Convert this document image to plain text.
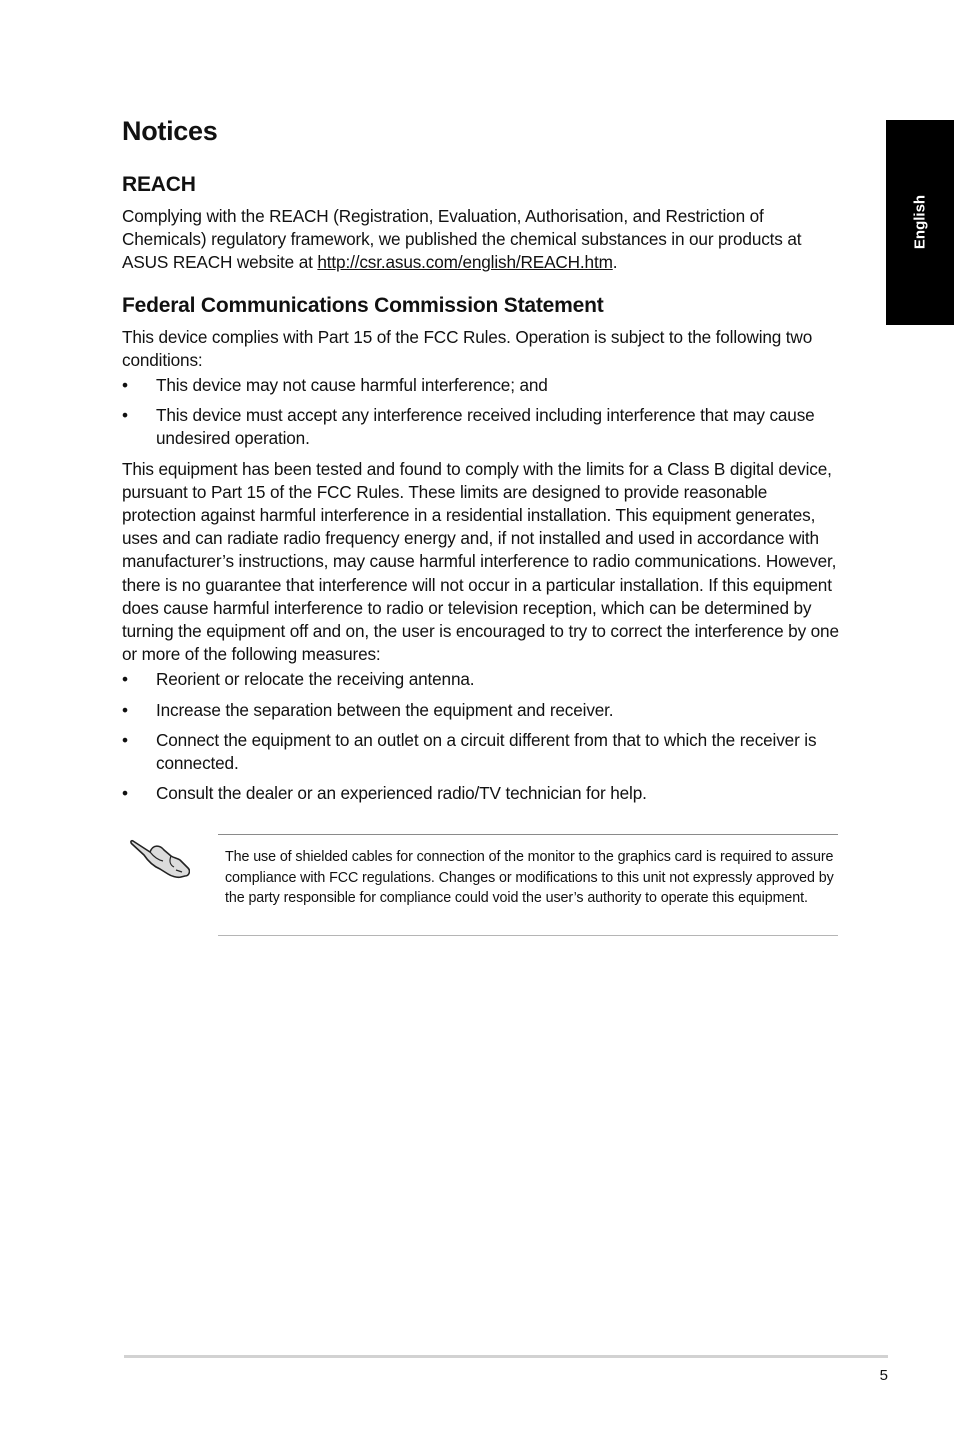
Notices
English
REACH

Complying with the REACH (Registration, Evaluation, Authorisation, and Restriction of Chemicals) regulatory framework, we published the chemical substances in our products at ASUS REACH website at http://csr.asus.com/english/REACH.htm.

Federal Communications Commission Statement

This device complies with Part 15 of the FCC Rules. Operation is subject to the following two conditions:

• This device may not cause harmful interference; and
• This device must accept any interference received including interference that may cause undesired operation.

This equipment has been tested and found to comply with the limits for a Class B digital device, pursuant to Part 15 of the FCC Rules. These limits are designed to provide reasonable protection against harmful interference in a residential installation. This equipment generates, uses and can radiate radio frequency energy and, if not installed and used in accordance with manufacturer’s instructions, may cause harmful interference to radio communications. However, there is no guarantee that interference will not occur in a particular installation. If this equipment does cause harmful interference to radio or television reception, which can be determined by turning the equipment off and on, the user is encouraged to try to correct the interference by one or more of the following measures:

• Reorient or relocate the receiving antenna.
• Increase the separation between the equipment and receiver.
• Connect the equipment to an outlet on a circuit different from that to which the receiver is connected.
• Consult the dealer or an experienced radio/TV technician for help.
The use of shielded cables for connection of the monitor to the graphics card is required to assure compliance with FCC regulations. Changes or modifications to this unit not expressly approved by the party responsible for compliance could void the user’s authority to operate this equipment.
5
